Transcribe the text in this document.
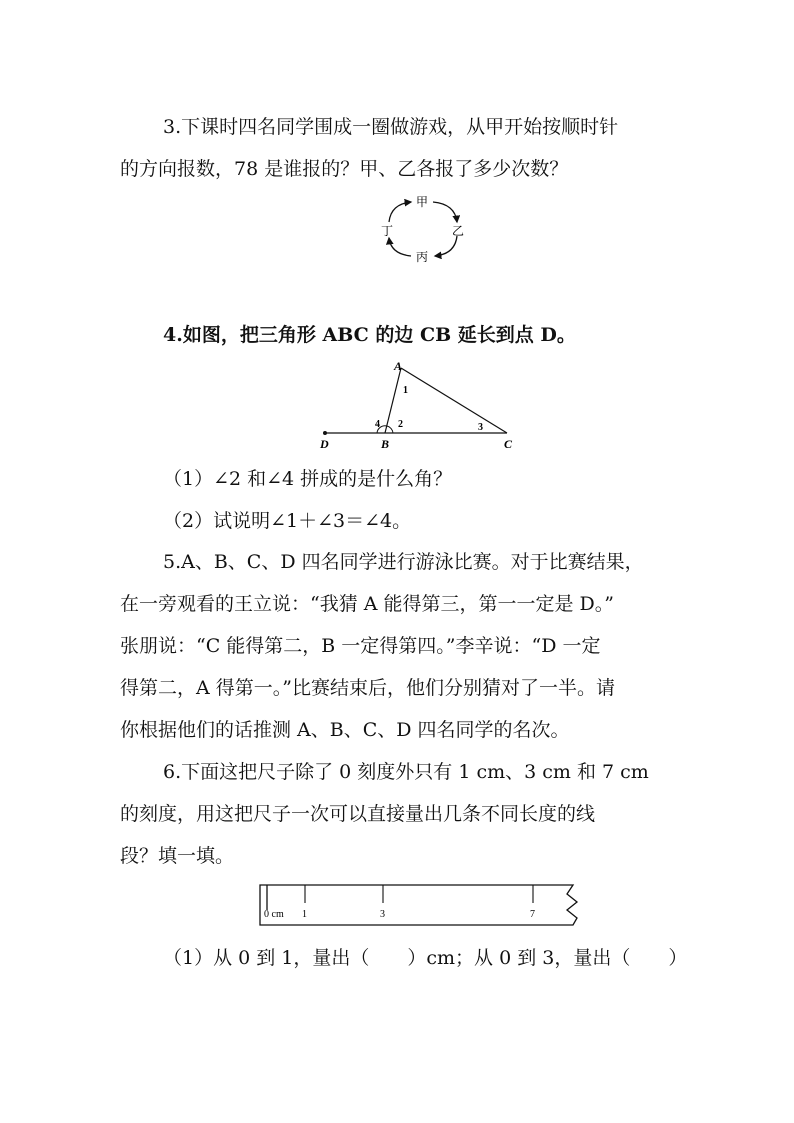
3.下课时四名同学围成一圈做游戏，从甲开始按顺时针
的方向报数，78 是谁报的？甲、乙各报了多少次数？
甲
乙
丙
丁
4.如图，把三角形 ABC 的边 CB 延长到点 D。
A
B	C
D
1
2	3
4
（1）∠2 和∠4 拼成的是什么角？
（2）试说明∠1＋∠3＝∠4。
5.A、B、C、D 四名同学进行游泳比赛。对于比赛结果，
在一旁观看的王立说：“我猜 A 能得第三，第一一定是 D。”
张朋说：“C 能得第二，B 一定得第四。”李辛说：“D 一定
得第二，A 得第一。”比赛结束后，他们分别猜对了一半。请
你根据他们的话推测 A、B、C、D 四名同学的名次。
6.下面这把尺子除了 0 刻度外只有 1 cm、3 cm 和 7 cm
的刻度，用这把尺子一次可以直接量出几条不同长度的线
段？填一填。
0 cm 1	3	7
（1）从 0 到 1，量出（　　）cm；从 0 到 3，量出（　　）
